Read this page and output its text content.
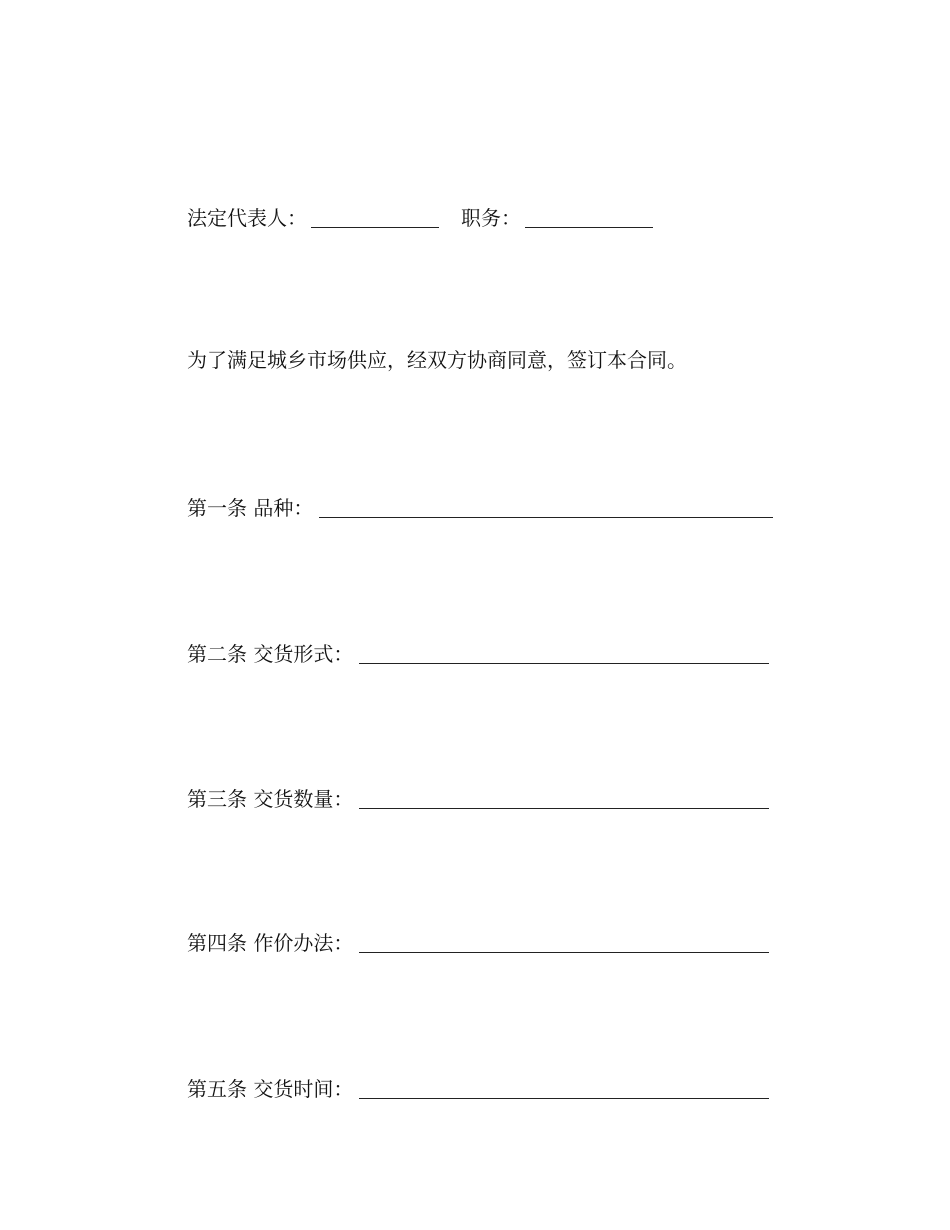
法定代表人：	职务：
为了满足城乡市场供应，经双方协商同意，签订本合同。
第一条 品种：
第二条 交货形式：
第三条 交货数量：
第四条 作价办法：
第五条 交货时间：
